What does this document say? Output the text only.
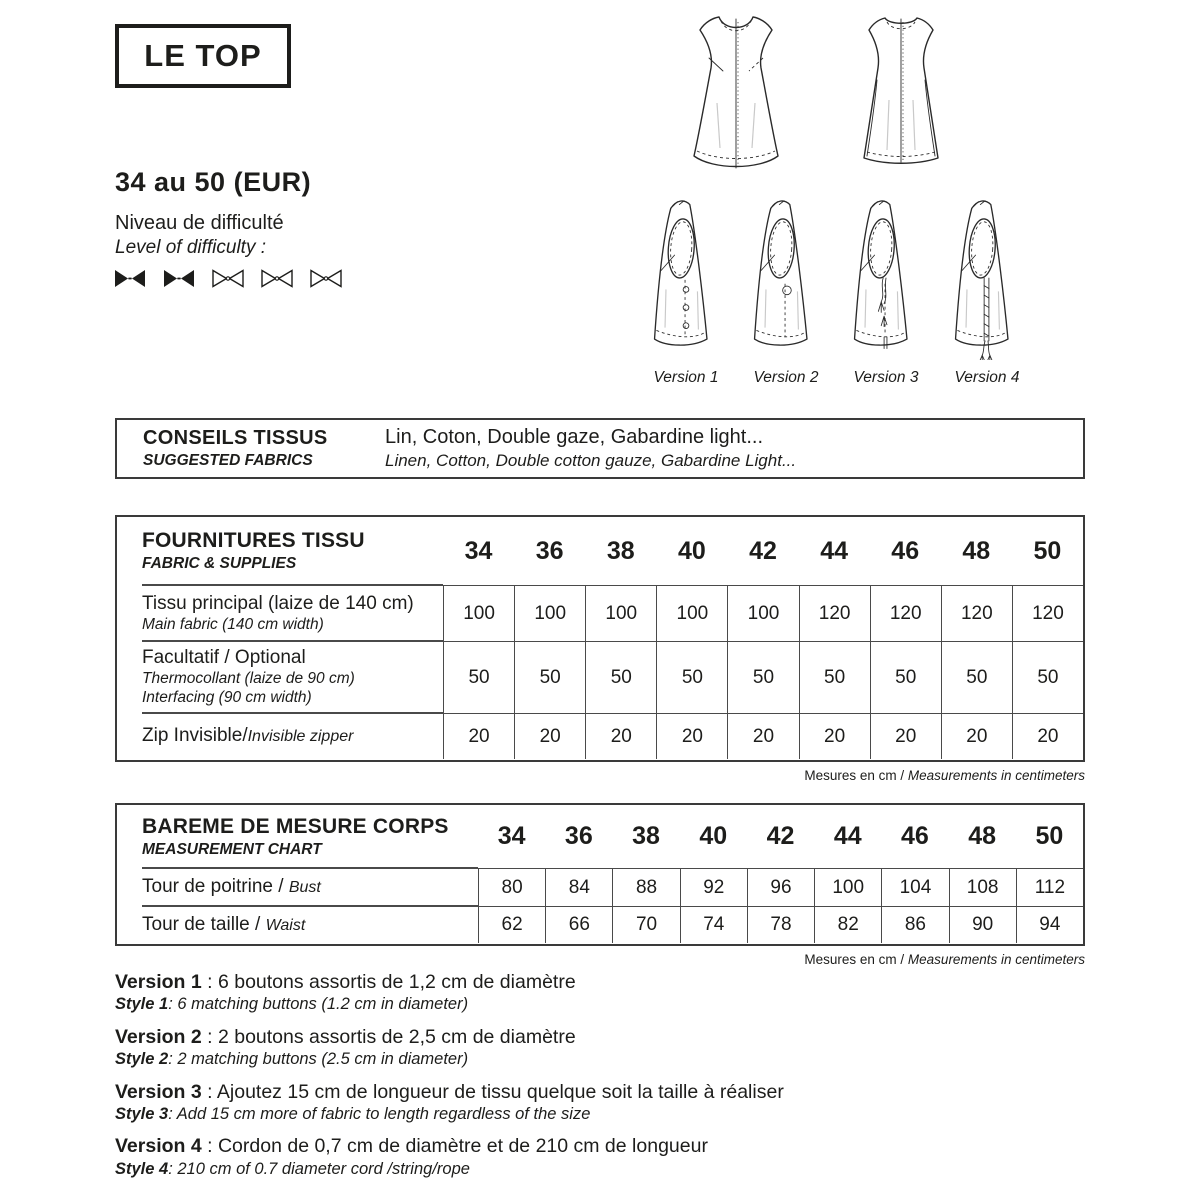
LE TOP
34 au 50 (EUR)
Niveau de difficulté
Level of difficulty :
Version 1	Version 2	Version 3	Version 4
CONSEILS TISSUS
SUGGESTED FABRICS
Lin, Coton, Double gaze, Gabardine light...
Linen, Cotton, Double cotton gauze, Gabardine Light...
FOURNITURES TISSU
FABRIC & SUPPLIES	34	36	38	40	42	44	46	48	50
Tissu principal (laize de 140 cm)
Main fabric (140 cm width)
100	100	100	100	100	120	120	120	120
Facultatif / Optional
Thermocollant (laize de 90 cm)
Interfacing (90 cm width)
50	50	50	50	50	50	50	50	50
Zip Invisible/Invisible zipper	20	20	20	20	20	20	20	20	20
Mesures en cm / Measurements in centimeters
BAREME DE MESURE CORPS
MEASUREMENT CHART	34	36	38	40	42	44	46	48	50
Tour de poitrine / Bust	80	84	88	92	96	100	104	108	112
Tour de taille / Waist	62	66	70	74	78	82	86	90	94
Mesures en cm / Measurements in centimeters
Version 1 : 6 boutons assortis de 1,2 cm de diamètre
Style 1: 6 matching buttons (1.2 cm in diameter)
Version 2 : 2 boutons assortis de 2,5 cm de diamètre
Style 2: 2 matching buttons (2.5 cm in diameter)
Version 3 : Ajoutez 15 cm de longueur de tissu quelque soit la taille à réaliser
Style 3: Add 15 cm more of fabric to length regardless of the size
Version 4 : Cordon de 0,7 cm de diamètre et de 210 cm de longueur
Style 4: 210 cm of 0.7 diameter cord /string/rope
